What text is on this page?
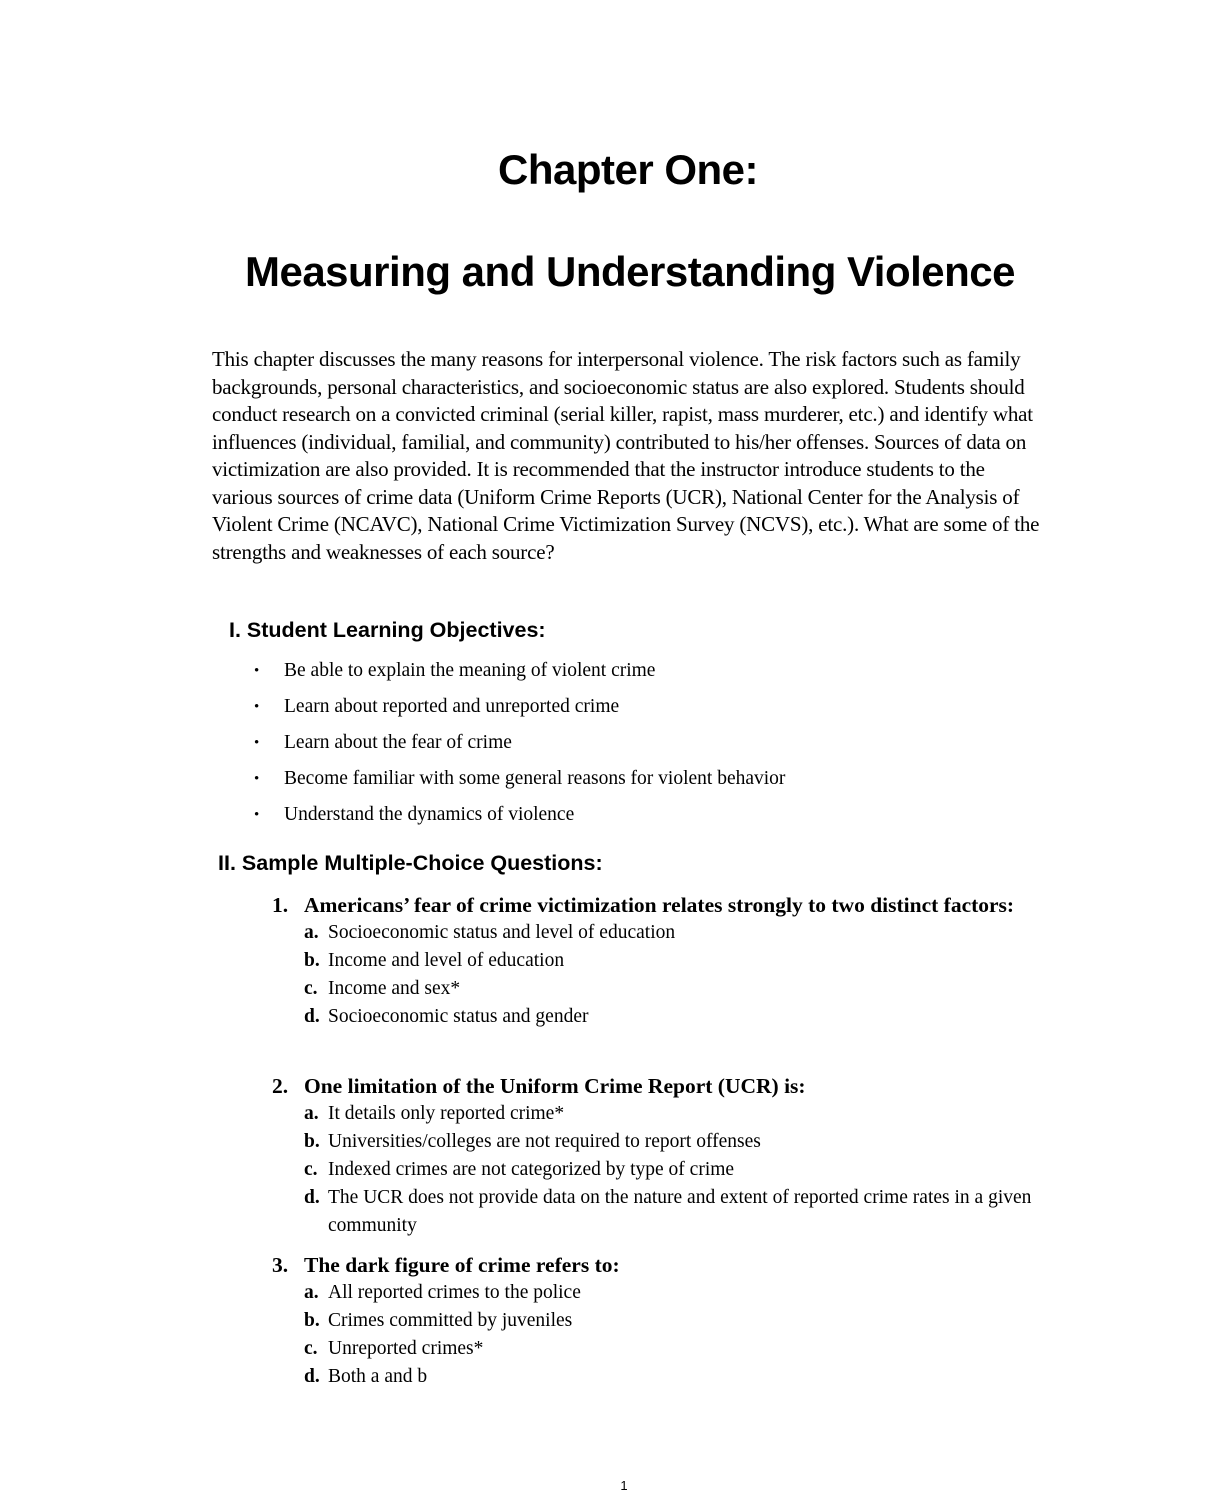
Chapter One:
Measuring and Understanding Violence

This chapter discusses the many reasons for interpersonal violence. The risk factors such as family backgrounds, personal characteristics, and socioeconomic status are also explored. Students should conduct research on a convicted criminal (serial killer, rapist, mass murderer, etc.) and identify what influences (individual, familial, and community) contributed to his/her offenses. Sources of data on victimization are also provided. It is recommended that the instructor introduce students to the various sources of crime data (Uniform Crime Reports (UCR), National Center for the Analysis of Violent Crime (NCAVC), National Crime Victimization Survey (NCVS), etc.). What are some of the strengths and weaknesses of each source?

I. Student Learning Objectives:
•	Be able to explain the meaning of violent crime
•	Learn about reported and unreported crime
•	Learn about the fear of crime
•	Become familiar with some general reasons for violent behavior
•	Understand the dynamics of violence
II. Sample Multiple-Choice Questions:

1. Americans’ fear of crime victimization relates strongly to two distinct factors:

a. Socioeconomic status and level of education
b. Income and level of education
c. Income and sex*
d. Socioeconomic status and gender

2. One limitation of the Uniform Crime Report (UCR) is:

a. It details only reported crime*
b. Universities/colleges are not required to report offenses
c. Indexed crimes are not categorized by type of crime
d. The UCR does not provide data on the nature and extent of reported crime rates in a given community

3. The dark figure of crime refers to:

a. All reported crimes to the police
b. Crimes committed by juveniles
c. Unreported crimes*
d. Both a and b
1
